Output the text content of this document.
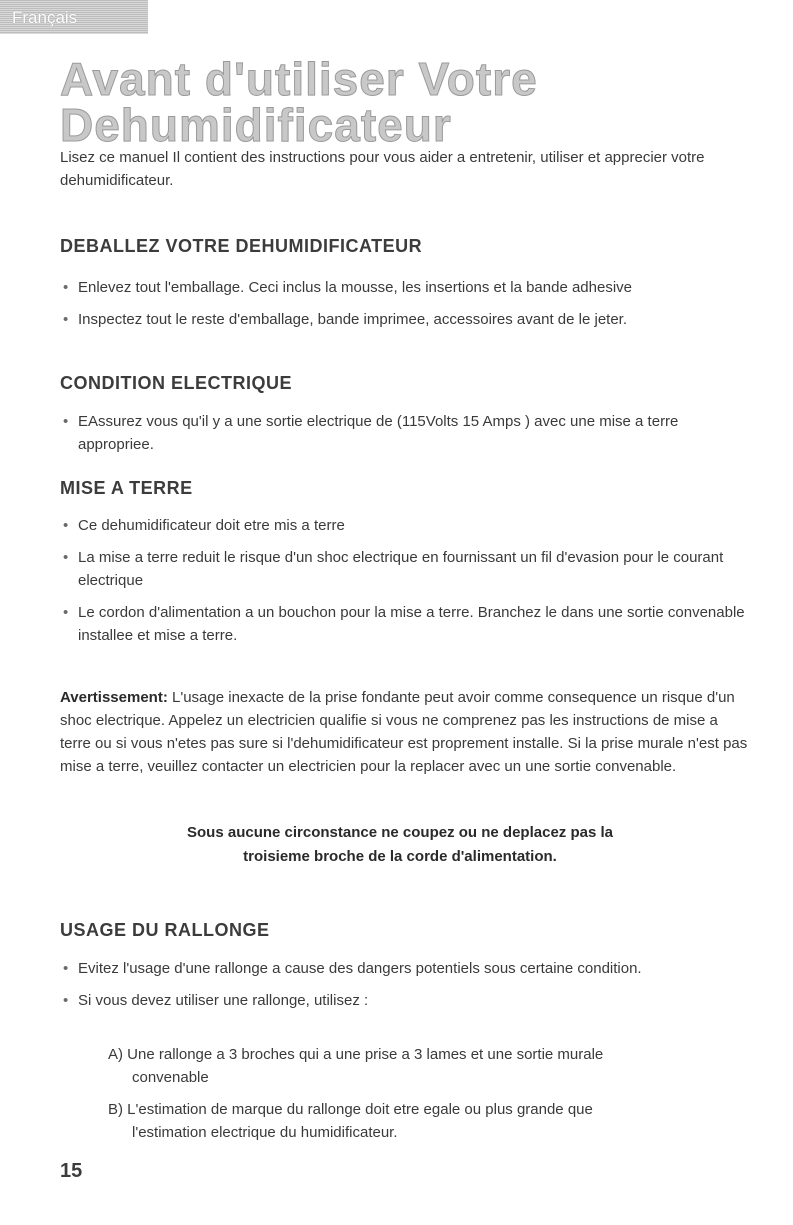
Français
Avant d'utiliser Votre
Dehumidificateur

Lisez ce manuel Il contient des instructions pour vous aider a entretenir, utiliser et apprecier votre dehumidificateur.

DEBALLEZ VOTRE DEHUMIDIFICATEUR
• Enlevez tout l'emballage. Ceci inclus la mousse, les insertions et la bande adhesive
• Inspectez tout le reste d'emballage, bande imprimee, accessoires avant de le jeter.
CONDITION ELECTRIQUE
• EAssurez vous qu'il y a une sortie electrique de (115Volts 15 Amps ) avec une mise a terre appropriee.
MISE A TERRE
• Ce dehumidificateur doit etre mis a terre
• La mise a terre reduit le risque d'un shoc electrique en fournissant un fil d'evasion pour le courant electrique
• Le cordon d'alimentation a un bouchon pour la mise a terre. Branchez le dans une sortie convenable installee et mise a terre.

Avertissement: L'usage inexacte de la prise fondante peut avoir comme consequence un risque d'un shoc electrique. Appelez un electricien qualifie si vous ne comprenez pas les instructions de mise a terre ou si vous n'etes pas sure si l'dehumidificateur est proprement installe. Si la prise murale n'est pas mise a terre, veuillez contacter un electricien pour la replacer avec un une sortie convenable.

Sous aucune circonstance ne coupez ou ne deplacez pas la
troisieme broche de la corde d'alimentation.

USAGE DU RALLONGE
• Evitez l'usage d'une rallonge a cause des dangers potentiels sous certaine condition.
• Si vous devez utiliser une rallonge, utilisez :
A) Une rallonge a 3 broches qui a une prise a 3 lames et une sortie murale
convenable
B) L'estimation de marque du rallonge doit etre egale ou plus grande que
l'estimation electrique du humidificateur.
15
